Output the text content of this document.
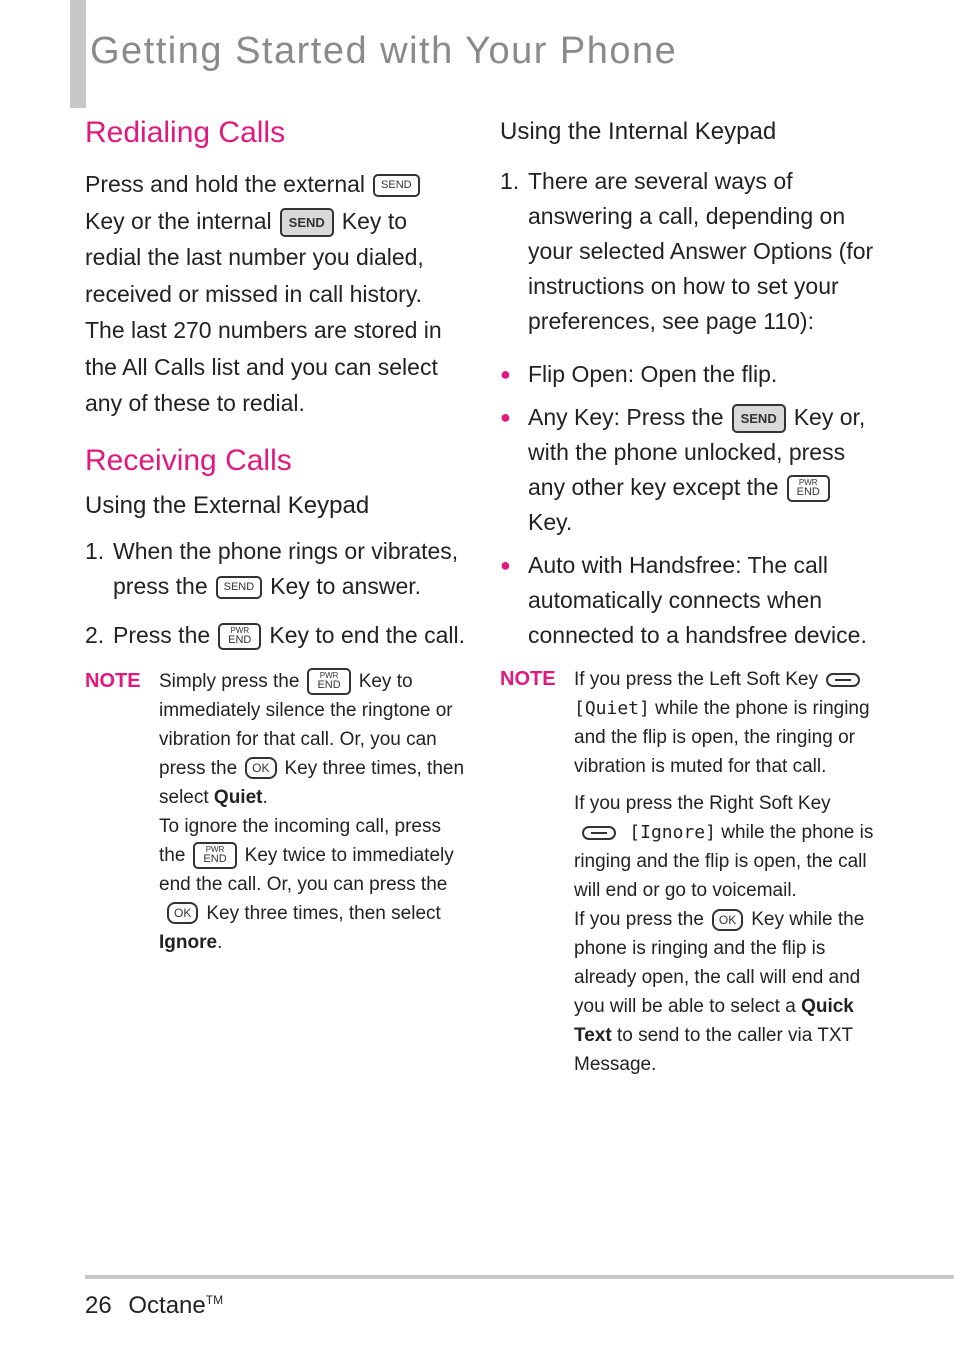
Getting Started with Your Phone
Redialing Calls

Press and hold the external SEND Key or the internal SEND Key to redial the last number you dialed, received or missed in call history. The last 270 numbers are stored in the All Calls list and you can select any of these to redial.

Receiving Calls
Using the External Keypad
1. When the phone rings or vibrates, press the SEND Key to answer.
2. Press the	PWR
END Key to end the call.
NOTE Simply press the	PWR
END Key to immediately silence the ringtone or vibration for that call. Or, you can press the OK Key three times, then select Quiet.

To ignore the incoming call, press the	PWR
END Key twice to immediately end the call. Or, you can press theOK Key three times, then select Ignore.

Using the Internal Keypad
1. There are several ways of answering a call, depending on your selected Answer Options (for instructions on how to set your preferences, see page 110):
● Flip Open: Open the flip.
● Any Key: Press the SEND Key or, with the phone unlocked, press any other key except the	PWR
ENDKey.
● Auto with Handsfree: The call automatically connects when connected to a handsfree device.
NOTE If you press the Left Soft Key [Quiet] while the phone is ringing and the flip is open, the ringing or vibration is muted for that call.

If you press the Right Soft Key [Ignore] while the phone is ringing and the flip is open, the call will end or go to voicemail.

If you press the OK Key while the phone is ringing and the flip is already open, the call will end and you will be able to select a Quick Text to send to the caller via TXT Message.

26 Octane™
